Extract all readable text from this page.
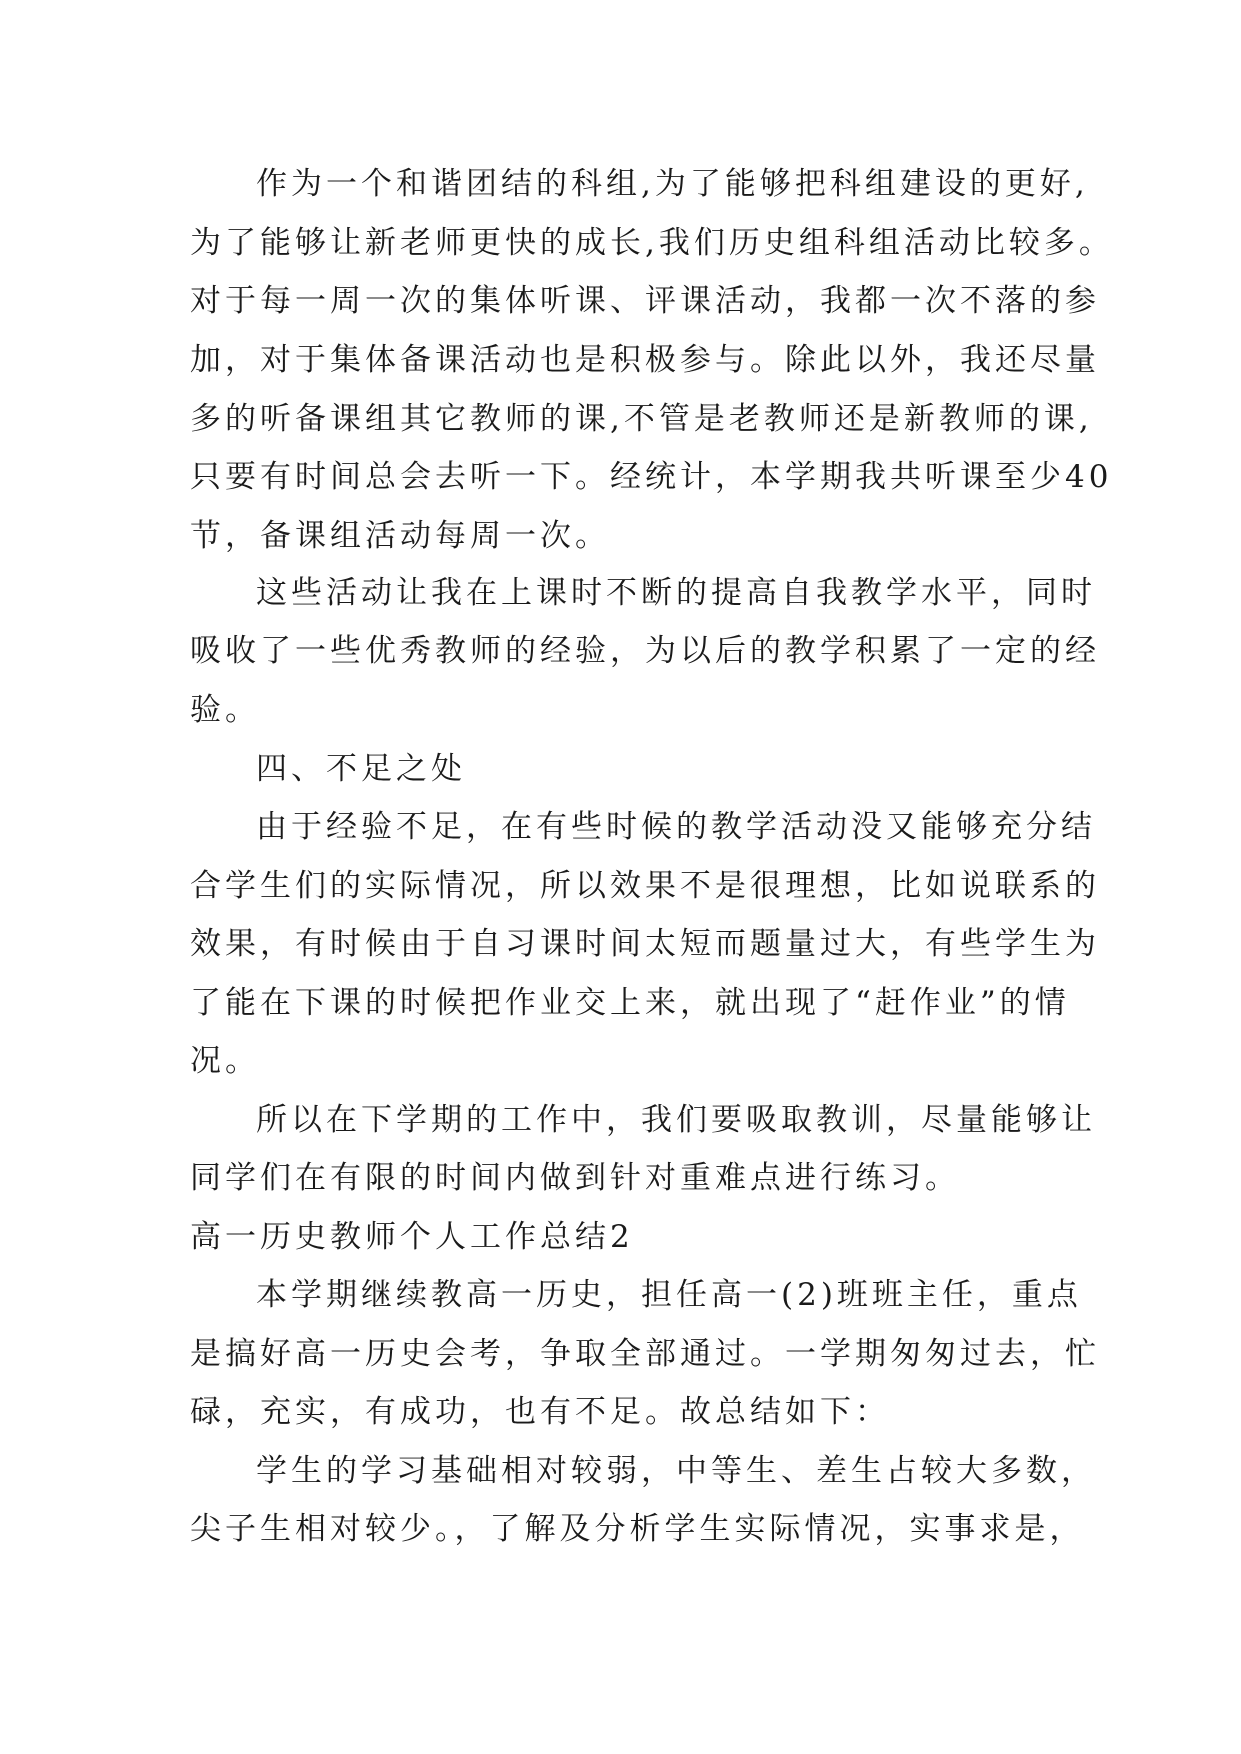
作为一个和谐团结的科组,为了能够把科组建设的更好,
为了能够让新老师更快的成长,我们历史组科组活动比较多。
对于每一周一次的集体听课、评课活动，我都一次不落的参
加，对于集体备课活动也是积极参与。除此以外，我还尽量
多的听备课组其它教师的课,不管是老教师还是新教师的课,
只要有时间总会去听一下。经统计，本学期我共听课至少40
节，备课组活动每周一次。
这些活动让我在上课时不断的提高自我教学水平，同时
吸收了一些优秀教师的经验，为以后的教学积累了一定的经
验。
四、不足之处
由于经验不足，在有些时候的教学活动没又能够充分结
合学生们的实际情况，所以效果不是很理想，比如说联系的
效果，有时候由于自习课时间太短而题量过大，有些学生为
了能在下课的时候把作业交上来，就出现了“赶作业”的情
况。
所以在下学期的工作中，我们要吸取教训，尽量能够让
同学们在有限的时间内做到针对重难点进行练习。
高一历史教师个人工作总结2
本学期继续教高一历史，担任高一(2)班班主任，重点
是搞好高一历史会考，争取全部通过。一学期匆匆过去，忙
碌，充实，有成功，也有不足。故总结如下：
学生的学习基础相对较弱，中等生、差生占较大多数，
尖子生相对较少。，了解及分析学生实际情况，实事求是，
